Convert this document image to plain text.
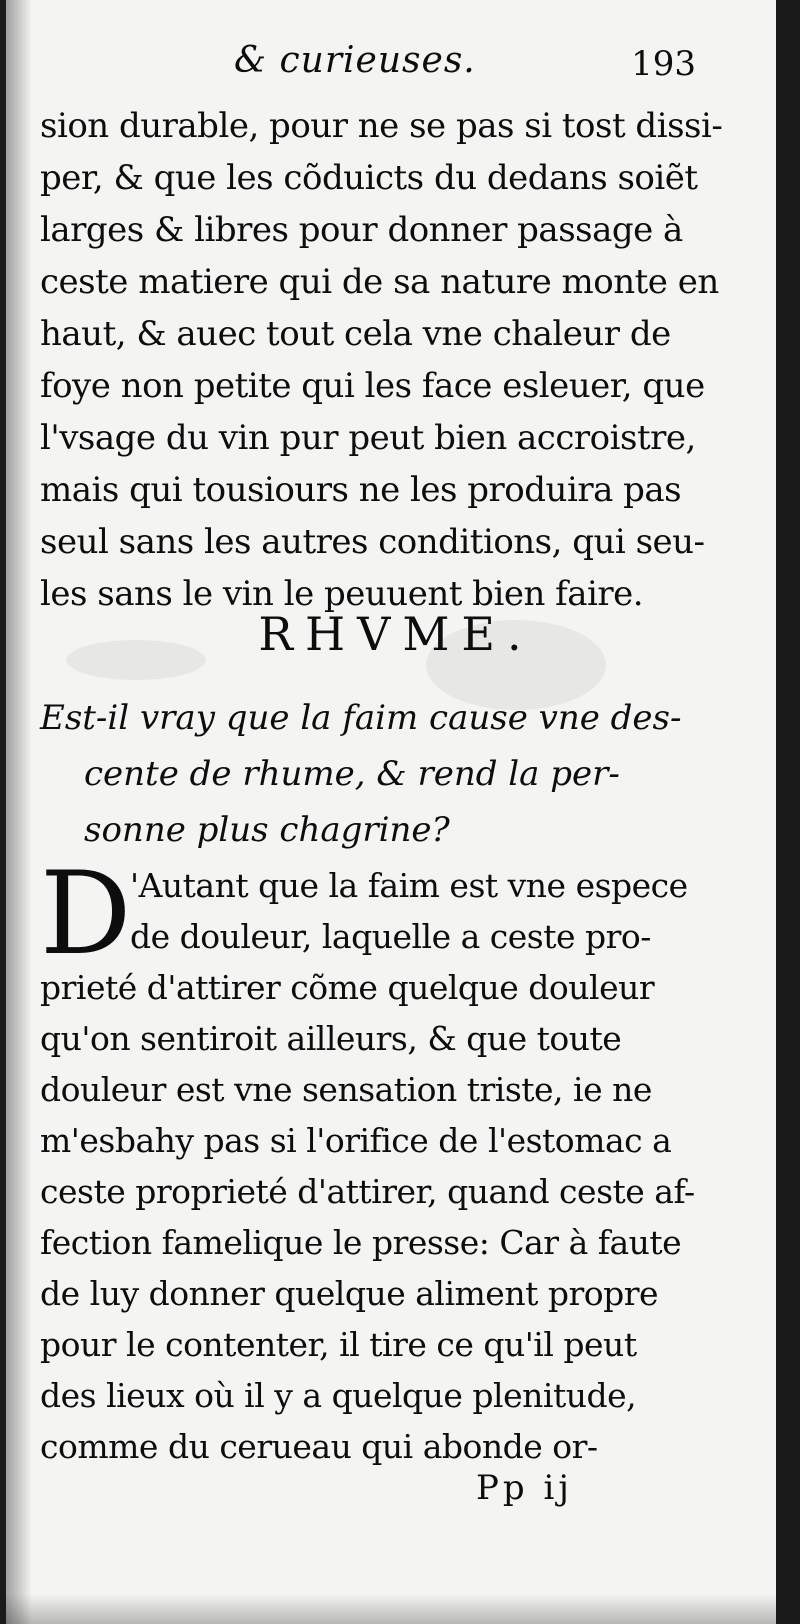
& curieuses.	193
sion durable, pour ne se pas si tost dissi-
per, & que les cõduicts du dedans soiẽt
larges & libres pour donner passage à
ceste matiere qui de sa nature monte en
haut, & auec tout cela vne chaleur de
foye non petite qui les face esleuer, que
l'vsage du vin pur peut bien accroistre,
mais qui tousiours ne les produira pas
seul sans les autres conditions, qui seu-
les sans le vin le peuuent bien faire.
RHVME.
Est-il vray que la faim cause vne des-
cente de rhume, & rend la per-
sonne plus chagrine?
D
'Autant que la faim est vne espece
de douleur, laquelle a ceste pro-
prieté d'attirer cõme quelque douleur
qu'on sentiroit ailleurs, & que toute
douleur est vne sensation triste, ie ne
m'esbahy pas si l'orifice de l'estomac a
ceste proprieté d'attirer, quand ceste af-
fection famelique le presse: Car à faute
de luy donner quelque aliment propre
pour le contenter, il tire ce qu'il peut
des lieux où il y a quelque plenitude,
comme du cerueau qui abonde or-
Pp ij
